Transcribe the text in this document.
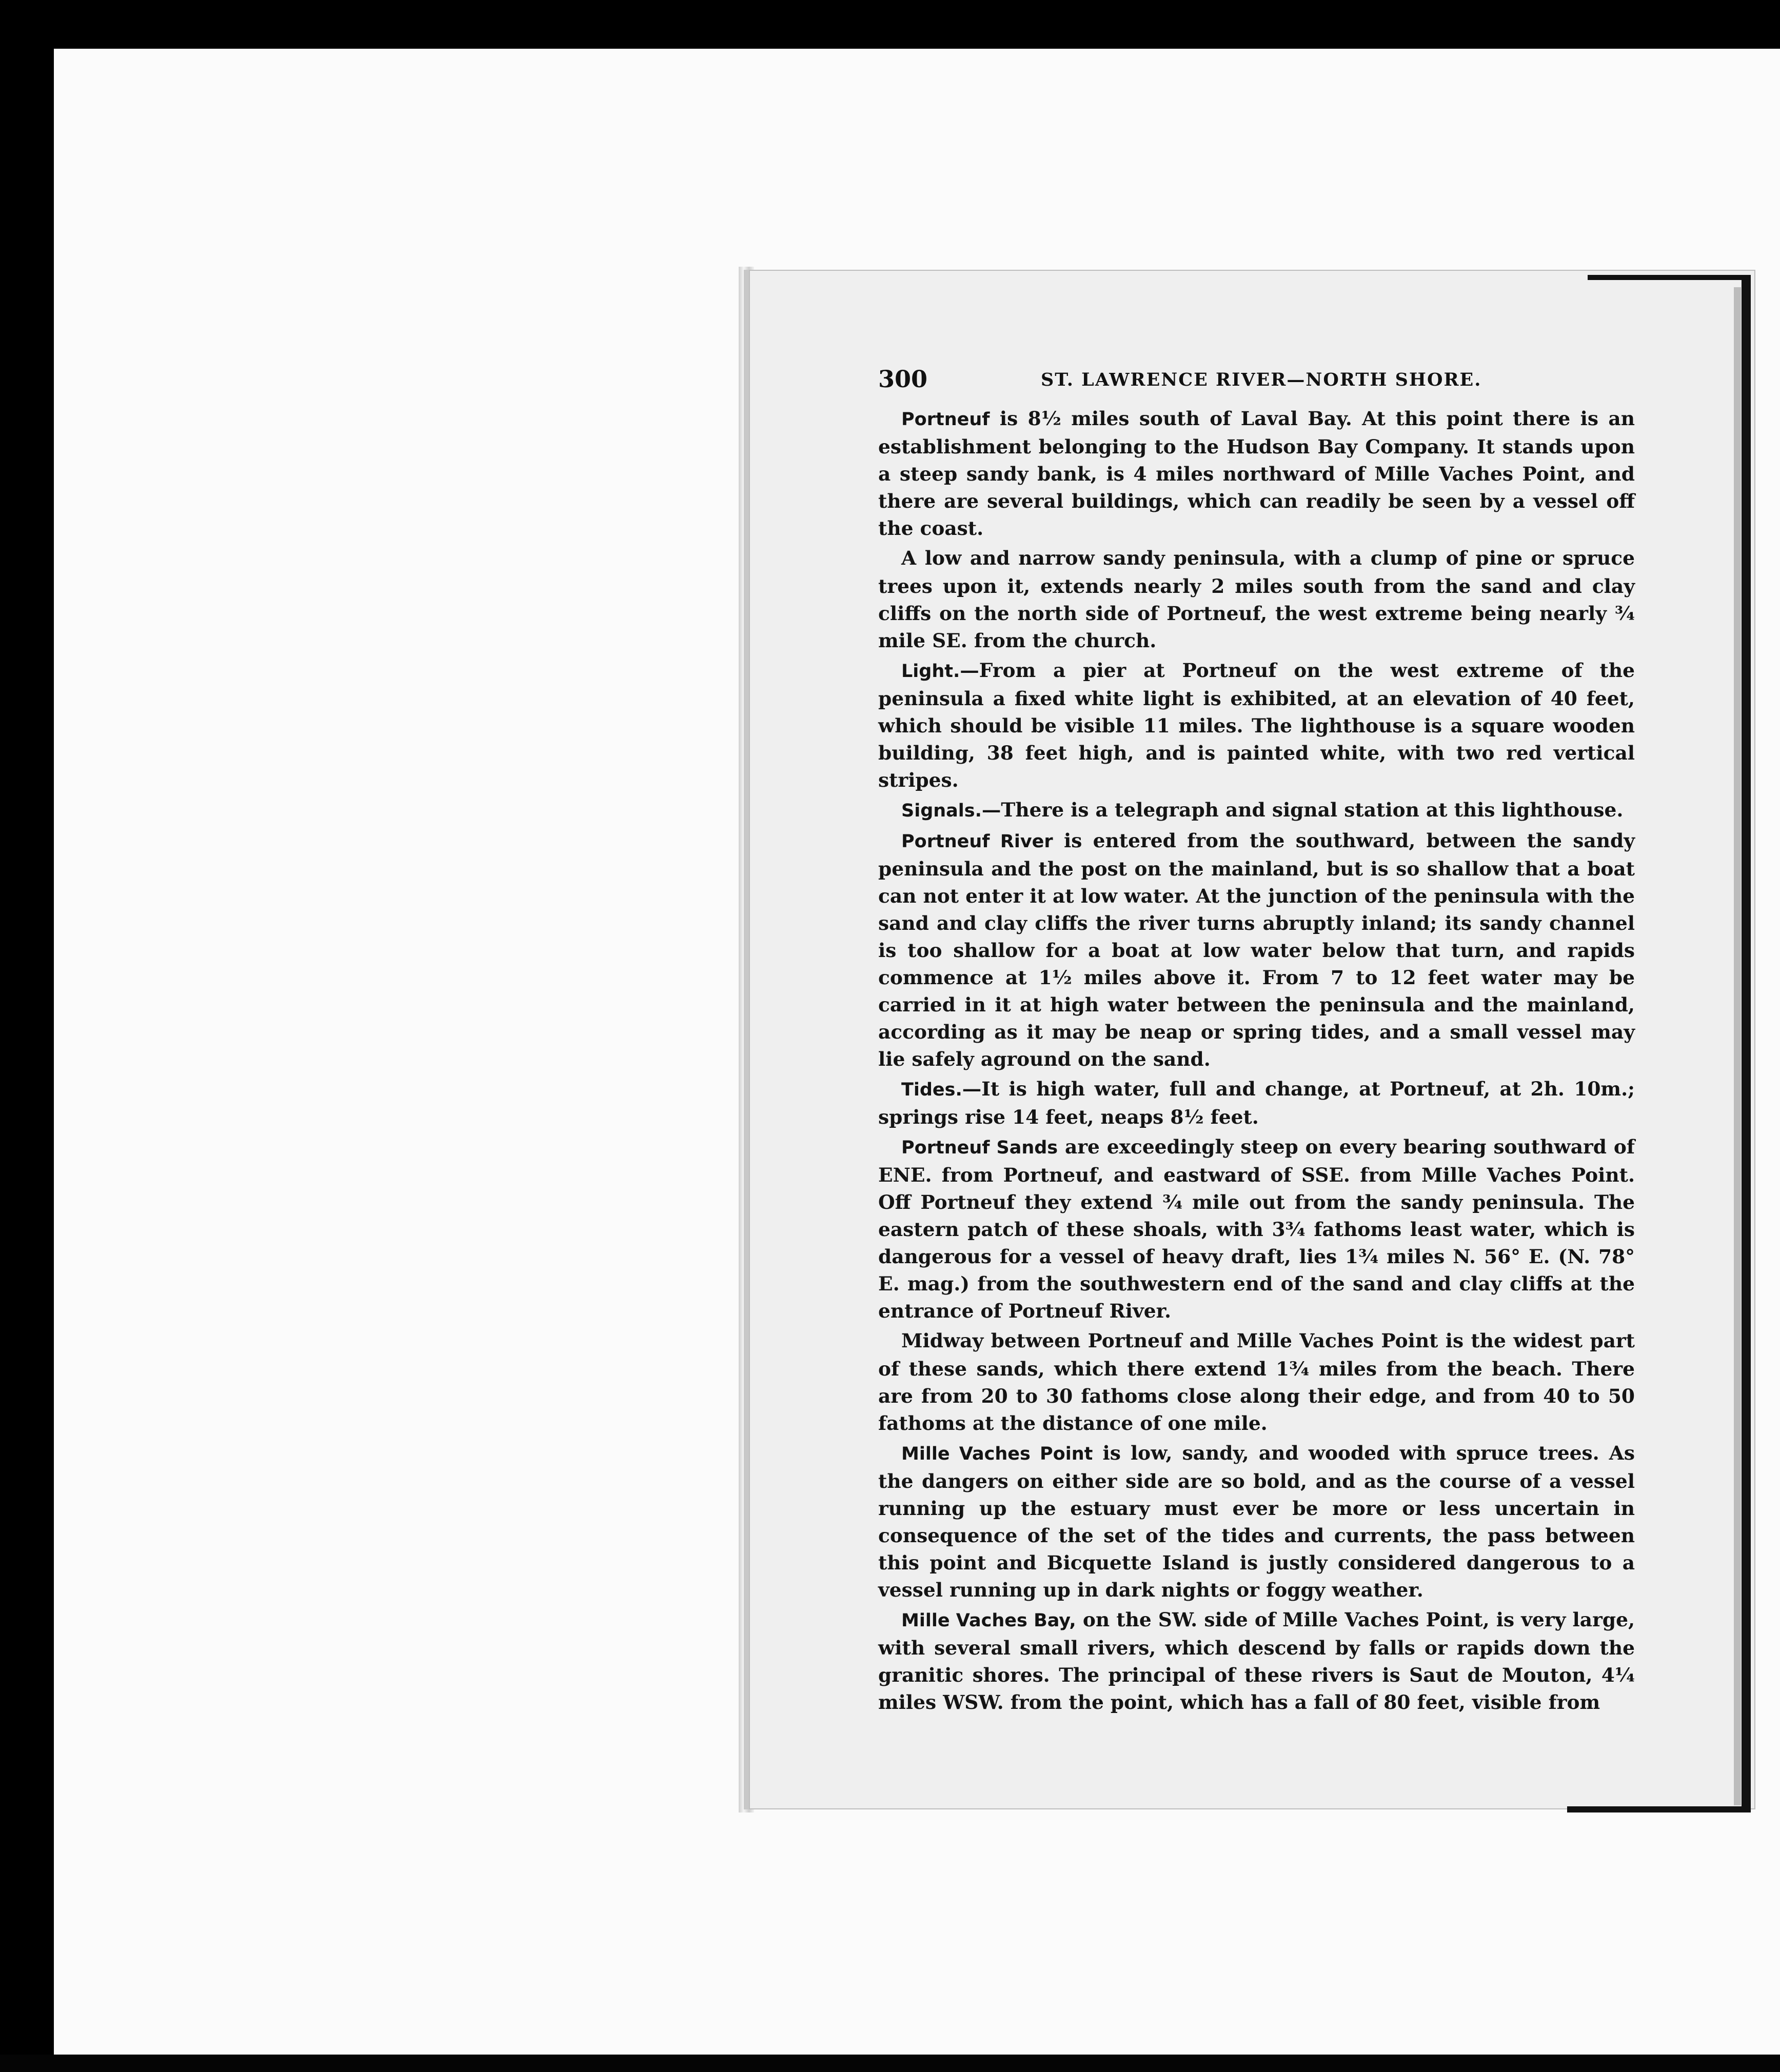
300	ST. LAWRENCE RIVER—NORTH SHORE.

Portneuf is 8½ miles south of Laval Bay. At this point there is an establishment belonging to the Hudson Bay Company. It stands upon a steep sandy bank, is 4 miles northward of Mille Vaches Point, and there are several buildings, which can readily be seen by a vessel off the coast.

A low and narrow sandy peninsula, with a clump of pine or spruce trees upon it, extends nearly 2 miles south from the sand and clay cliffs on the north side of Portneuf, the west extreme being nearly ¾ mile SE. from the church.

Light.—From a pier at Portneuf on the west extreme of the peninsula a fixed white light is exhibited, at an elevation of 40 feet, which should be visible 11 miles. The lighthouse is a square wooden building, 38 feet high, and is painted white, with two red vertical stripes.

Signals.—There is a telegraph and signal station at this lighthouse.

Portneuf River is entered from the southward, between the sandy peninsula and the post on the mainland, but is so shallow that a boat can not enter it at low water. At the junction of the peninsula with the sand and clay cliffs the river turns abruptly inland; its sandy channel is too shallow for a boat at low water below that turn, and rapids commence at 1½ miles above it. From 7 to 12 feet water may be carried in it at high water between the peninsula and the mainland, according as it may be neap or spring tides, and a small vessel may lie safely aground on the sand.

Tides.—It is high water, full and change, at Portneuf, at 2h. 10m.; springs rise 14 feet, neaps 8½ feet.

Portneuf Sands are exceedingly steep on every bearing southward of ENE. from Portneuf, and eastward of SSE. from Mille Vaches Point. Off Portneuf they extend ¾ mile out from the sandy peninsula. The eastern patch of these shoals, with 3¾ fathoms least water, which is dangerous for a vessel of heavy draft, lies 1¾ miles N. 56° E. (N. 78° E. mag.) from the southwestern end of the sand and clay cliffs at the entrance of Portneuf River.

Midway between Portneuf and Mille Vaches Point is the widest part of these sands, which there extend 1¾ miles from the beach. There are from 20 to 30 fathoms close along their edge, and from 40 to 50 fathoms at the distance of one mile.

Mille Vaches Point is low, sandy, and wooded with spruce trees. As the dangers on either side are so bold, and as the course of a vessel running up the estuary must ever be more or less uncertain in consequence of the set of the tides and currents, the pass between this point and Bicquette Island is justly considered dangerous to a vessel running up in dark nights or foggy weather.

Mille Vaches Bay, on the SW. side of Mille Vaches Point, is very large, with several small rivers, which descend by falls or rapids down the granitic shores. The principal of these rivers is Saut de Mouton, 4¼ miles WSW. from the point, which has a fall of 80 feet, visible from
